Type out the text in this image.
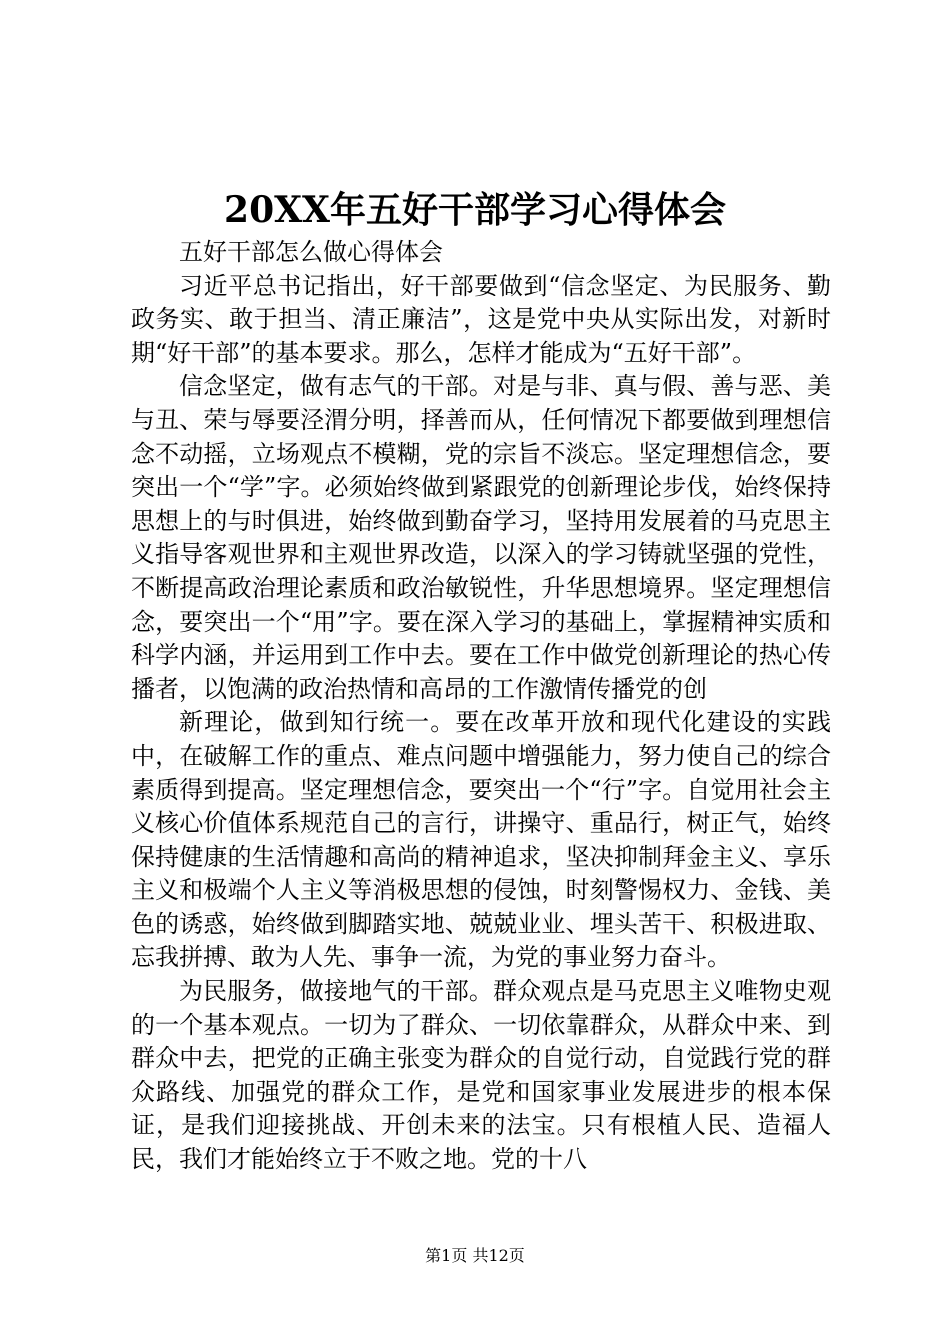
20XX年五好干部学习心得体会

五好干部怎么做心得体会

习近平总书记指出，好干部要做到“信念坚定、为民服务、勤政务实、敢于担当、清正廉洁”，这是党中央从实际出发，对新时期“好干部”的基本要求。那么，怎样才能成为“五好干部”。

信念坚定，做有志气的干部。对是与非、真与假、善与恶、美与丑、荣与辱要泾渭分明，择善而从，任何情况下都要做到理想信念不动摇，立场观点不模糊，党的宗旨不淡忘。坚定理想信念，要突出一个“学”字。必须始终做到紧跟党的创新理论步伐，始终保持思想上的与时俱进，始终做到勤奋学习，坚持用发展着的马克思主义指导客观世界和主观世界改造，以深入的学习铸就坚强的党性，不断提高政治理论素质和政治敏锐性，升华思想境界。坚定理想信念，要突出一个“用”字。要在深入学习的基础上，掌握精神实质和科学内涵，并运用到工作中去。要在工作中做党创新理论的热心传播者，以饱满的政治热情和高昂的工作激情传播党的创

新理论，做到知行统一。要在改革开放和现代化建设的实践中，在破解工作的重点、难点问题中增强能力，努力使自己的综合素质得到提高。坚定理想信念，要突出一个“行”字。自觉用社会主义核心价值体系规范自己的言行，讲操守、重品行，树正气，始终保持健康的生活情趣和高尚的精神追求，坚决抑制拜金主义、享乐主义和极端个人主义等消极思想的侵蚀，时刻警惕权力、金钱、美色的诱惑，始终做到脚踏实地、兢兢业业、埋头苦干、积极进取、忘我拼搏、敢为人先、事争一流，为党的事业努力奋斗。

为民服务，做接地气的干部。群众观点是马克思主义唯物史观的一个基本观点。一切为了群众、一切依靠群众，从群众中来、到群众中去，把党的正确主张变为群众的自觉行动，自觉践行党的群众路线、加强党的群众工作，是党和国家事业发展进步的根本保证，是我们迎接挑战、开创未来的法宝。只有根植人民、造福人民，我们才能始终立于不败之地。党的十八

第1页 共12页
